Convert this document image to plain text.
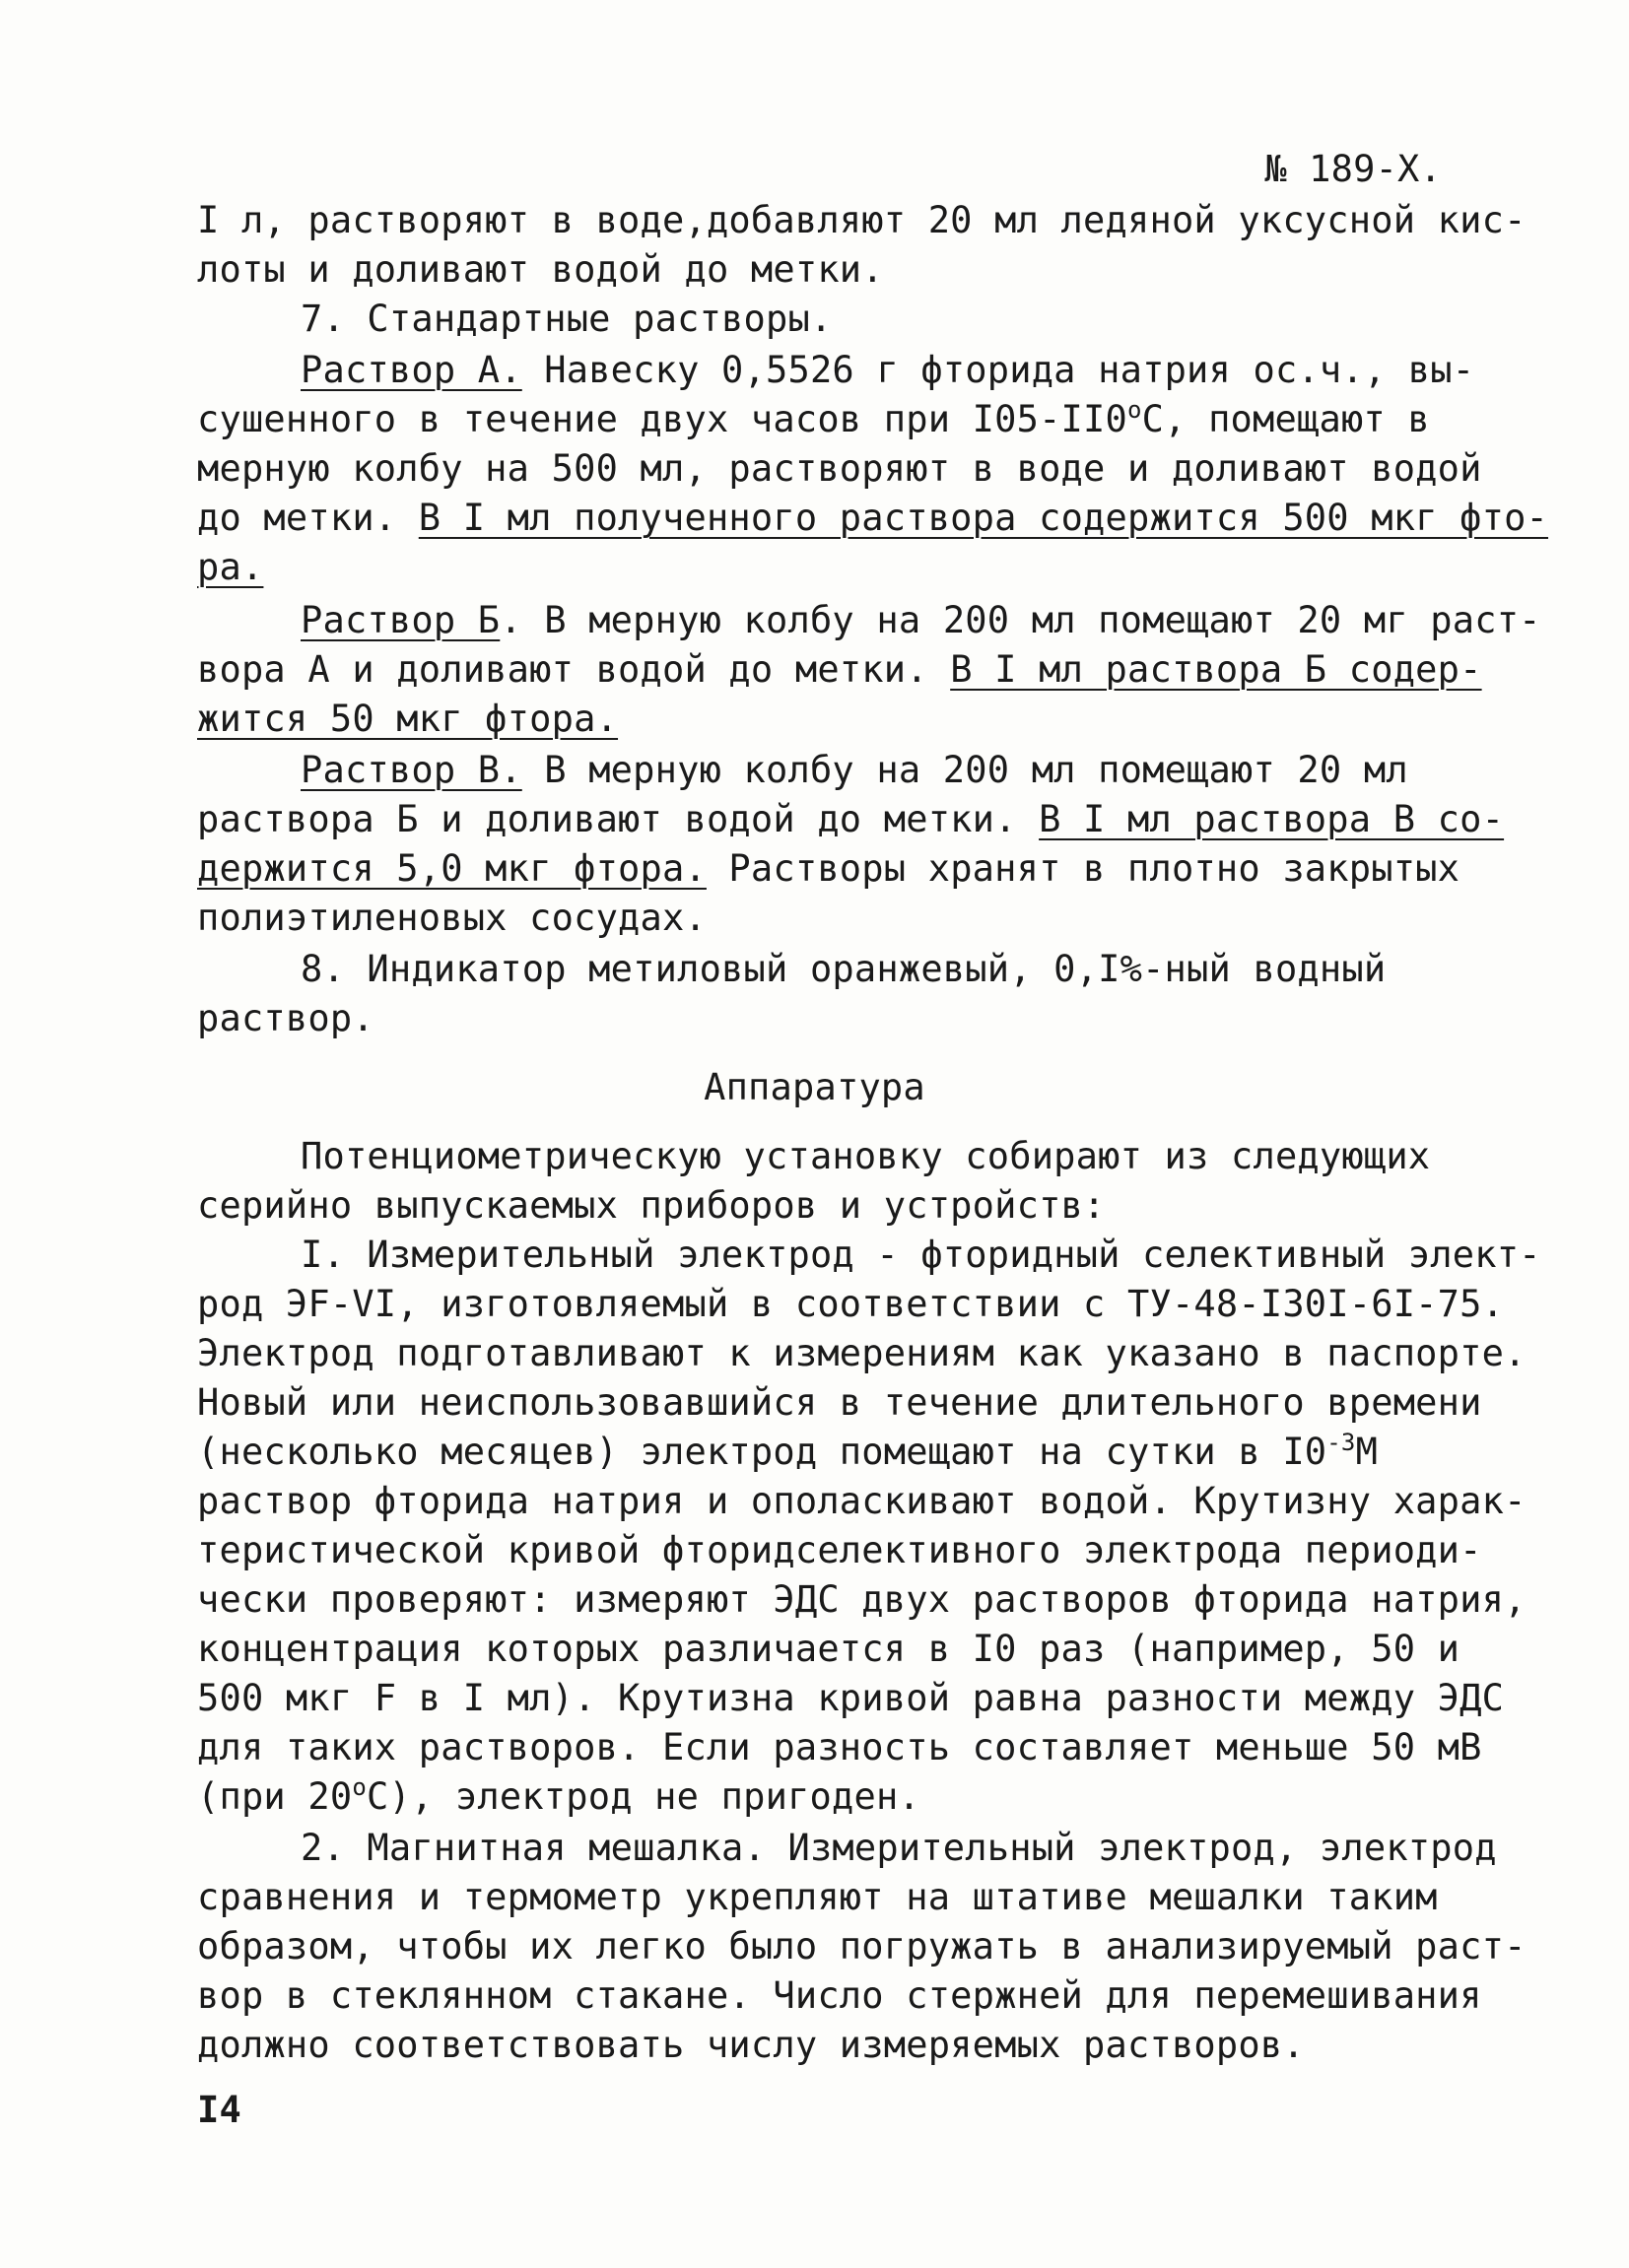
№ 189-Х.
I л, растворяют в воде,добавляют 20 мл ледяной уксусной кис-
лоты и доливают водой до метки.
7. Стандартные растворы.
Раствор А. Навеску 0,5526 г фторида натрия ос.ч., вы-
сушенного в течение двух часов при $I05-II0^оС$, помещают в
мерную колбу на 500 мл, растворяют в воде и доливают водой
до метки. В I мл полученного раствора содержится 500 мкг фто-
ра.
Раствор Б. В мерную колбу на 200 мл помещают 20 мг раст-
вора А и доливают водой до метки. В I мл раствора Б содер-
жится 50 мкг фтора.
Раствор В. В мерную колбу на 200 мл помещают 20 мл
раствора Б и доливают водой до метки. В I мл раствора В со-
держится 5,0 мкг фтора. Растворы хранят в плотно закрытых
полиэтиленовых сосудах.
8. Индикатор метиловый оранжевый, 0,I%-ный водный
раствор.
Аппаратура
Потенциометрическую установку собирают из следующих
серийно выпускаемых приборов и устройств:
I. Измерительный электрод - фторидный селективный элект-
род ЭF-VI, изготовляемый в соответствии с ТУ-48-I30I-6I-75.
Электрод подготавливают к измерениям как указано в паспорте.
Новый или неиспользовавшийся в течение длительного времени
(несколько месяцев) электрод помещают на сутки в $I0^{-3}М$
раствор фторида натрия и ополаскивают водой. Крутизну харак-
теристической кривой фторидселективного электрода периоди-
чески проверяют: измеряют ЭДС двух растворов фторида натрия,
концентрация которых различается в I0 раз (например, 50 и
500 мкг F в I мл). Крутизна кривой равна разности между ЭДС
для таких растворов. Если разность составляет меньше 50 мВ
(при $20^оС$), электрод не пригоден.
2. Магнитная мешалка. Измерительный электрод, электрод
сравнения и термометр укрепляют на штативе мешалки таким
образом, чтобы их легко было погружать в анализируемый раст-
вор в стеклянном стакане. Число стержней для перемешивания
должно соответствовать числу измеряемых растворов.
I4
